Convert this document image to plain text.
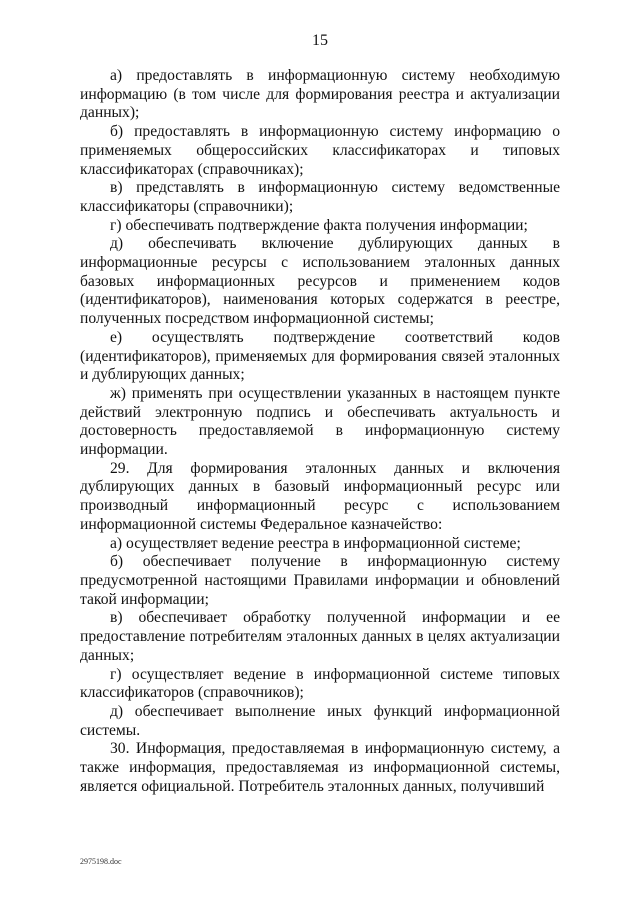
15

а) предоставлять в информационную систему необходимую информацию (в том числе для формирования реестра и актуализации данных);

б) предоставлять в информационную систему информацию о применяемых общероссийских классификаторах и типовых классификаторах (справочниках);

в) представлять в информационную систему ведомственные классификаторы (справочники);

г) обеспечивать подтверждение факта получения информации;

д) обеспечивать включение дублирующих данных в информационные ресурсы с использованием эталонных данных базовых информационных ресурсов и применением кодов (идентификаторов), наименования которых содержатся в реестре, полученных посредством информационной системы;

е) осуществлять подтверждение соответствий кодов (идентификаторов), применяемых для формирования связей эталонных и дублирующих данных;

ж) применять при осуществлении указанных в настоящем пункте действий электронную подпись и обеспечивать актуальность и достоверность предоставляемой в информационную систему информации.

29. Для формирования эталонных данных и включения дублирующих данных в базовый информационный ресурс или производный информационный ресурс с использованием информационной системы Федеральное казначейство:

а) осуществляет ведение реестра в информационной системе;

б) обеспечивает получение в информационную систему предусмотренной настоящими Правилами информации и обновлений такой информации;

в) обеспечивает обработку полученной информации и ее предоставление потребителям эталонных данных в целях актуализации данных;

г) осуществляет ведение в информационной системе типовых классификаторов (справочников);

д) обеспечивает выполнение иных функций информационной системы.

30. Информация, предоставляемая в информационную систему, а также информация, предоставляемая из информационной системы, является официальной. Потребитель эталонных данных, получивший

2975198.doc
